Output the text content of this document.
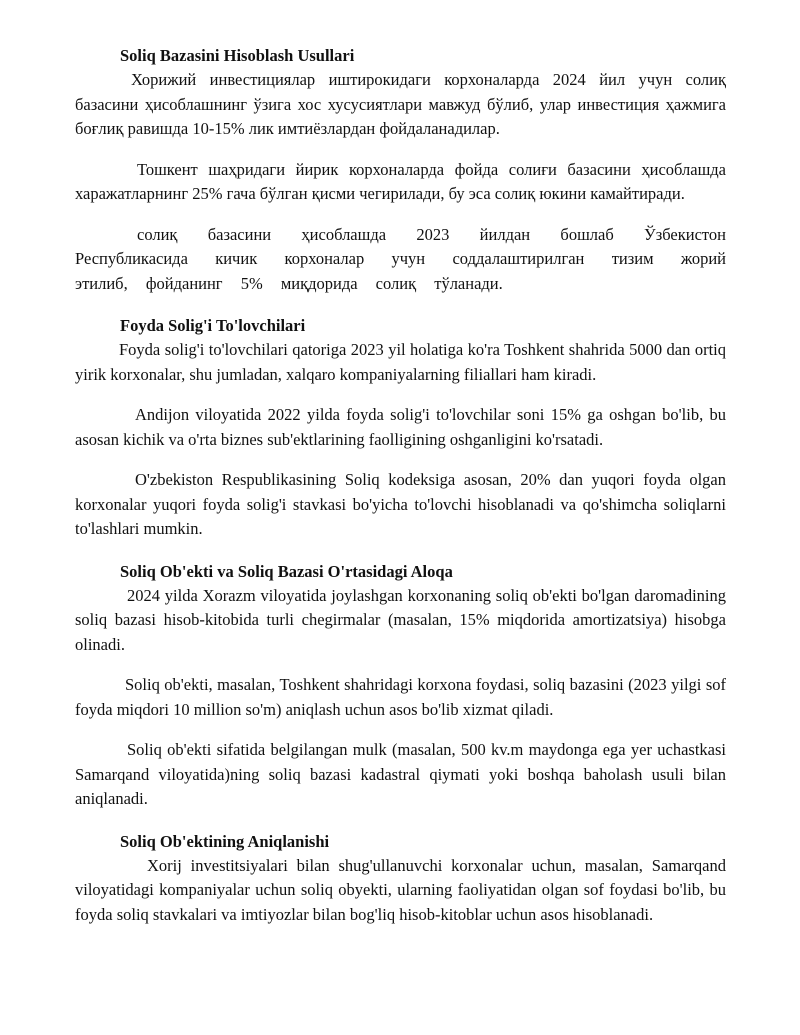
Soliq Bazasini Hisoblash Usullari

Хорижий инвестициялар иштирокидаги корхоналарда 2024 йил учун солиқ базасини ҳисоблашнинг ўзига хос хусусиятлари мавжуд бўлиб, улар инвестиция ҳажмига боғлиқ равишда 10-15% лик имтиёзлардан фойдаланадилар.

Тошкент шаҳридаги йирик корхоналарда фойда солиғи базасини ҳисоблашда харажатларнинг 25% гача бўлган қисми чегирилади, бу эса солиқ юкини камайтиради.

солиқ базасини ҳисоблашда 2023 йилдан бошлаб Ўзбекистон Республикасида кичик корхоналар учун соддалаштирилган тизим жорий этилиб, фойданинг 5% миқдорида солиқ тўланади.

Foyda Solig'i To'lovchilari

Foyda solig'i to'lovchilari qatoriga 2023 yil holatiga ko'ra Toshkent shahrida 5000 dan ortiq yirik korxonalar, shu jumladan, xalqaro kompaniyalarning filiallari ham kiradi.

Andijon viloyatida 2022 yilda foyda solig'i to'lovchilar soni 15% ga oshgan bo'lib, bu asosan kichik va o'rta biznes sub'ektlarining faolligining oshganligini ko'rsatadi.

O'zbekiston Respublikasining Soliq kodeksiga asosan, 20% dan yuqori foyda olgan korxonalar yuqori foyda solig'i stavkasi bo'yicha to'lovchi hisoblanadi va qo'shimcha soliqlarni to'lashlari mumkin.

Soliq Ob'ekti va Soliq Bazasi O'rtasidagi Aloqa

2024 yilda Xorazm viloyatida joylashgan korxonaning soliq ob'ekti bo'lgan daromadining soliq bazasi hisob-kitobida turli chegirmalar (masalan, 15% miqdorida amortizatsiya) hisobga olinadi.

Soliq ob'ekti, masalan, Toshkent shahridagi korxona foydasi, soliq bazasini (2023 yilgi sof foyda miqdori 10 million so'm) aniqlash uchun asos bo'lib xizmat qiladi.

Soliq ob'ekti sifatida belgilangan mulk (masalan, 500 kv.m maydonga ega yer uchastkasi Samarqand viloyatida)ning soliq bazasi kadastral qiymati yoki boshqa baholash usuli bilan aniqlanadi.

Soliq Ob'ektining Aniqlanishi

Xorij investitsiyalari bilan shug'ullanuvchi korxonalar uchun, masalan, Samarqand viloyatidagi kompaniyalar uchun soliq obyekti, ularning faoliyatidan olgan sof foydasi bo'lib, bu foyda soliq stavkalari va imtiyozlar bilan bog'liq hisob-kitoblar uchun asos hisoblanadi.
